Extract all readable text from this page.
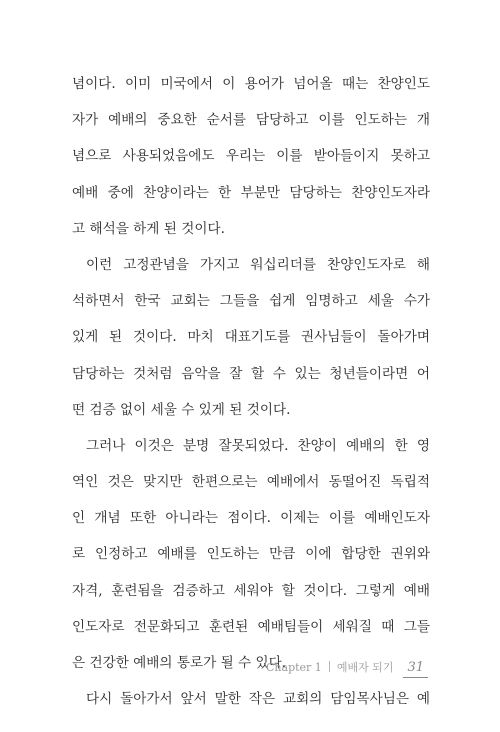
념이다. 이미 미국에서 이 용어가 넘어올 때는 찬양인도
자가 예배의 중요한 순서를 담당하고 이를 인도하는 개
념으로 사용되었음에도 우리는 이를 받아들이지 못하고
예배 중에 찬양이라는 한 부분만 담당하는 찬양인도자라
고 해석을 하게 된 것이다.
이런 고정관념을 가지고 워십리더를 찬양인도자로 해
석하면서 한국 교회는 그들을 쉽게 임명하고 세울 수가
있게 된 것이다. 마치 대표기도를 권사님들이 돌아가며
담당하는 것처럼 음악을 잘 할 수 있는 청년들이라면 어
떤 검증 없이 세울 수 있게 된 것이다.
그러나 이것은 분명 잘못되었다. 찬양이 예배의 한 영
역인 것은 맞지만 한편으로는 예배에서 동떨어진 독립적
인 개념 또한 아니라는 점이다. 이제는 이를 예배인도자
로 인정하고 예배를 인도하는 만큼 이에 합당한 권위와
자격, 훈련됨을 검증하고 세워야 할 것이다. 그렇게 예배
인도자로 전문화되고 훈련된 예배팀들이 세워질 때 그들
은 건강한 예배의 통로가 될 수 있다.
다시 돌아가서 앞서 말한 작은 교회의 담임목사님은 예
Chapter 1 예배자 되기	31
